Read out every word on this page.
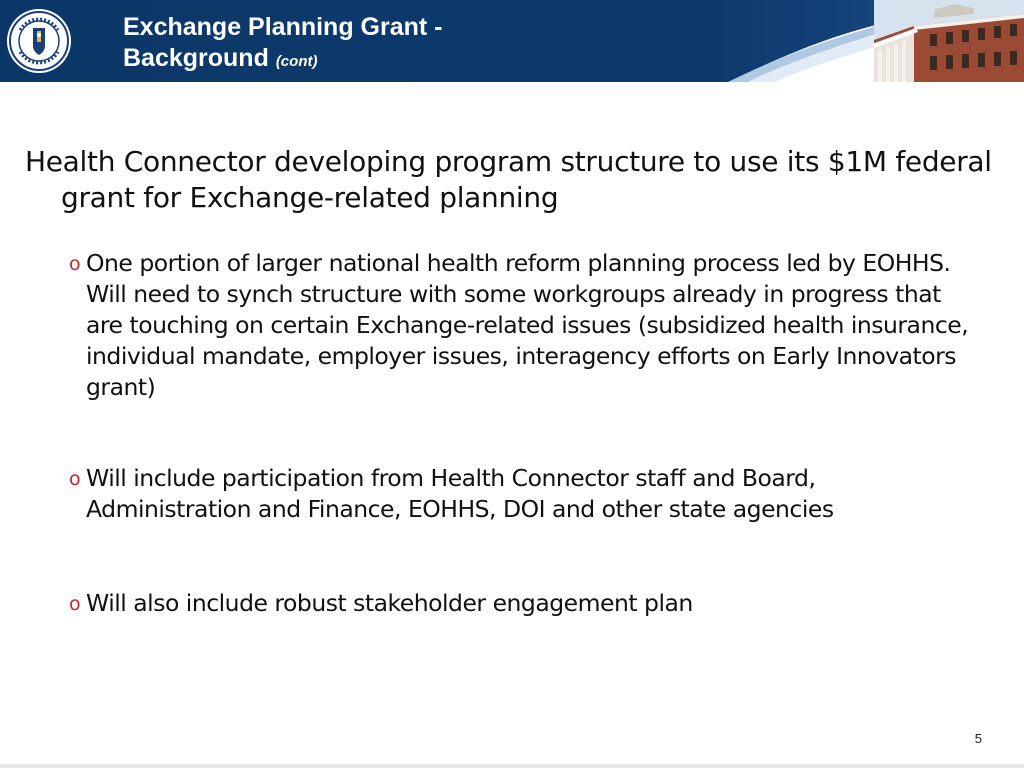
Exchange Planning Grant -
Background (cont)
Health Connector developing program structure to use its $1M federal grant for Exchange-related planning
o One portion of larger national health reform planning process led by EOHHS. Will need to synch structure with some workgroups already in progress that are touching on certain Exchange-related issues (subsidized health insurance, individual mandate, employer issues, interagency efforts on Early Innovators grant)
o Will include participation from Health Connector staff and Board, Administration and Finance, EOHHS, DOI and other state agencies
o Will also include robust stakeholder engagement plan
5
